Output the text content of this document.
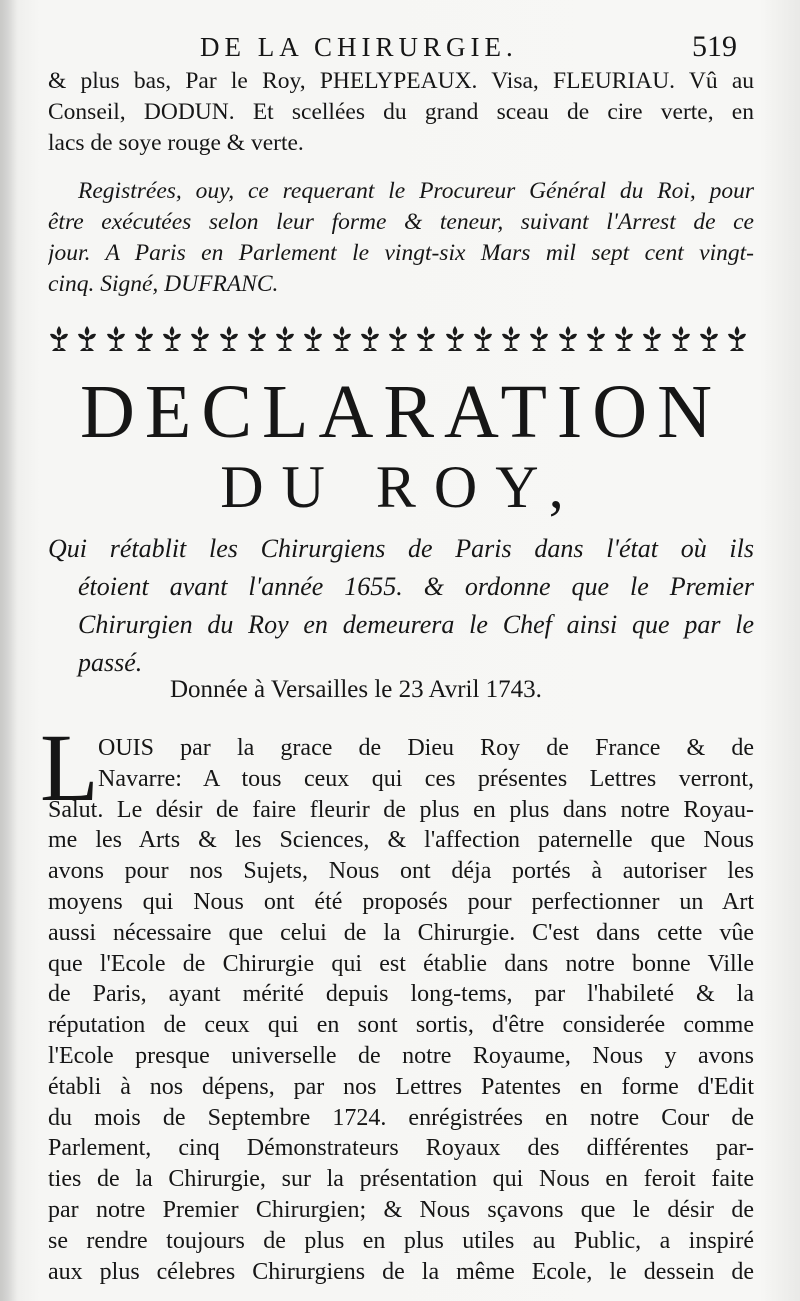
DE LA CHIRURGIE.	519
& plus bas, Par le Roy, PHELYPEAUX. Visa, FLEURIAU. Vû au
Conseil, DODUN. Et scellées du grand sceau de cire verte, en
lacs de soye rouge & verte.
Registrées, ouy, ce requerant le Procureur Général du Roi, pour
être exécutées selon leur forme & teneur, suivant l'Arrest de ce
jour. A Paris en Parlement le vingt-six Mars mil sept cent vingt-
cinq. Signé, DUFRANC.
DECLARATION
DU ROY,
Qui rétablit les Chirurgiens de Paris dans l'état où ils
étoient avant l'année 1655. & ordonne que le Premier
Chirurgien du Roy en demeurera le Chef ainsi que par le
passé.
Donnée à Versailles le 23 Avril 1743.
L OUIS par la grace de Dieu Roy de France & de
Navarre: A tous ceux qui ces présentes Lettres verront,
Salut. Le désir de faire fleurir de plus en plus dans notre Royau-
me les Arts & les Sciences, & l'affection paternelle que Nous
avons pour nos Sujets, Nous ont déja portés à autoriser les
moyens qui Nous ont été proposés pour perfectionner un Art
aussi nécessaire que celui de la Chirurgie. C'est dans cette vûe
que l'Ecole de Chirurgie qui est établie dans notre bonne Ville
de Paris, ayant mérité depuis long-tems, par l'habileté & la
réputation de ceux qui en sont sortis, d'être considerée comme
l'Ecole presque universelle de notre Royaume, Nous y avons
établi à nos dépens, par nos Lettres Patentes en forme d'Edit
du mois de Septembre 1724. enrégistrées en notre Cour de
Parlement, cinq Démonstrateurs Royaux des différentes par-
ties de la Chirurgie, sur la présentation qui Nous en feroit faite
par notre Premier Chirurgien; & Nous sçavons que le désir de
se rendre toujours de plus en plus utiles au Public, a inspiré
aux plus célebres Chirurgiens de la même Ecole, le dessein de
